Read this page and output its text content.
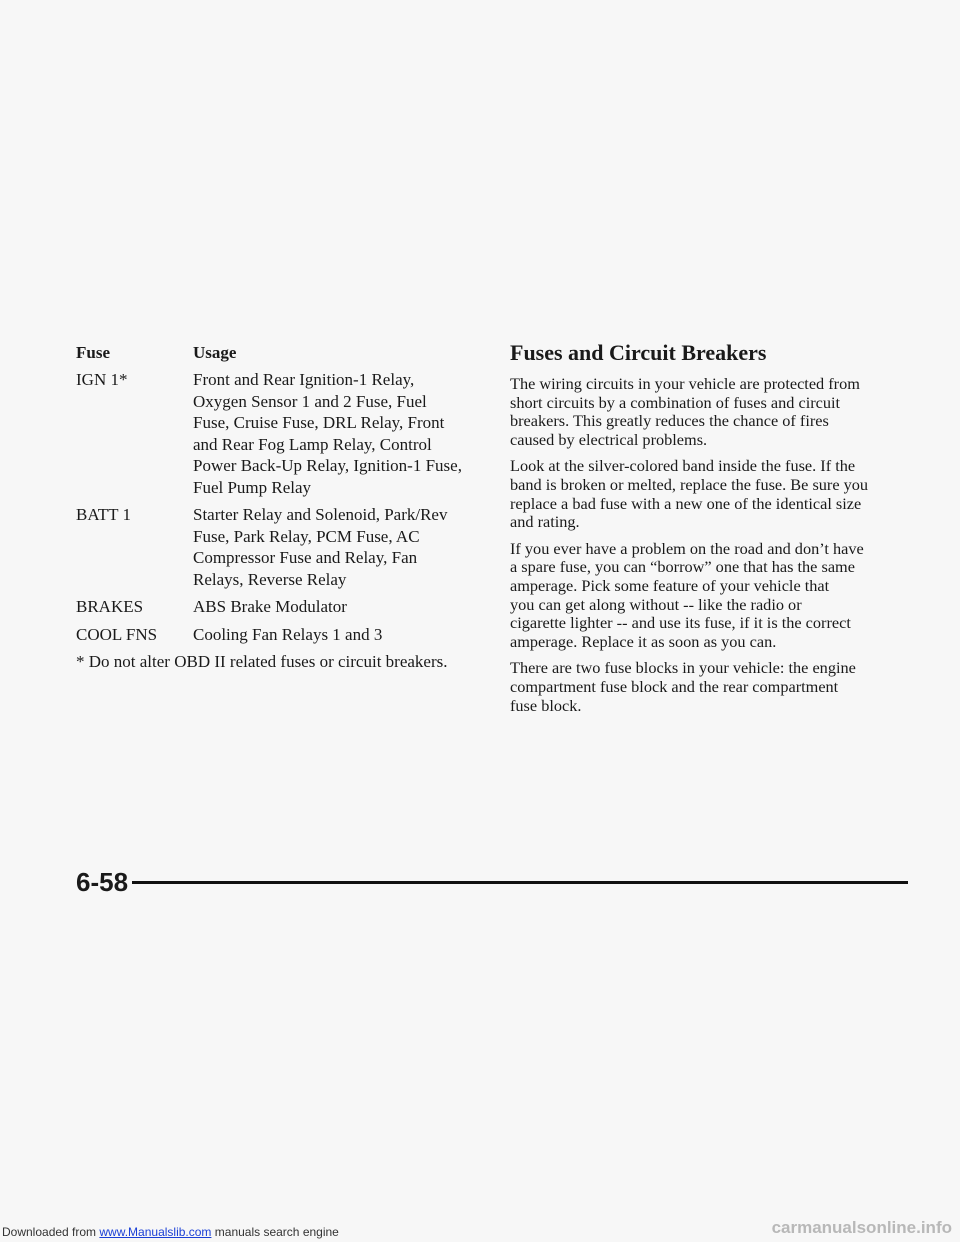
Fuse	Usage
IGN 1*	Front and Rear Ignition-1 Relay,
Oxygen Sensor 1 and 2 Fuse, Fuel
Fuse, Cruise Fuse, DRL Relay, Front
and Rear Fog Lamp Relay, Control
Power Back-Up Relay, Ignition-1 Fuse,
Fuel Pump Relay
BATT 1	Starter Relay and Solenoid, Park/Rev
Fuse, Park Relay, PCM Fuse, AC
Compressor Fuse and Relay, Fan
Relays, Reverse Relay
BRAKES	ABS Brake Modulator
COOL FNS	Cooling Fan Relays 1 and 3
* Do not alter OBD II related fuses or circuit breakers.
Fuses and Circuit Breakers

The wiring circuits in your vehicle are protected from
short circuits by a combination of fuses and circuit
breakers. This greatly reduces the chance of fires
caused by electrical problems.

Look at the silver-colored band inside the fuse. If the
band is broken or melted, replace the fuse. Be sure you
replace a bad fuse with a new one of the identical size
and rating.

If you ever have a problem on the road and don’t have
a spare fuse, you can “borrow” one that has the same
amperage. Pick some feature of your vehicle that
you can get along without -- like the radio or
cigarette lighter -- and use its fuse, if it is the correct
amperage. Replace it as soon as you can.

There are two fuse blocks in your vehicle: the engine
compartment fuse block and the rear compartment
fuse block.

6-58
Downloaded from www.Manualslib.com manuals search engine	carmanualsonline.info
